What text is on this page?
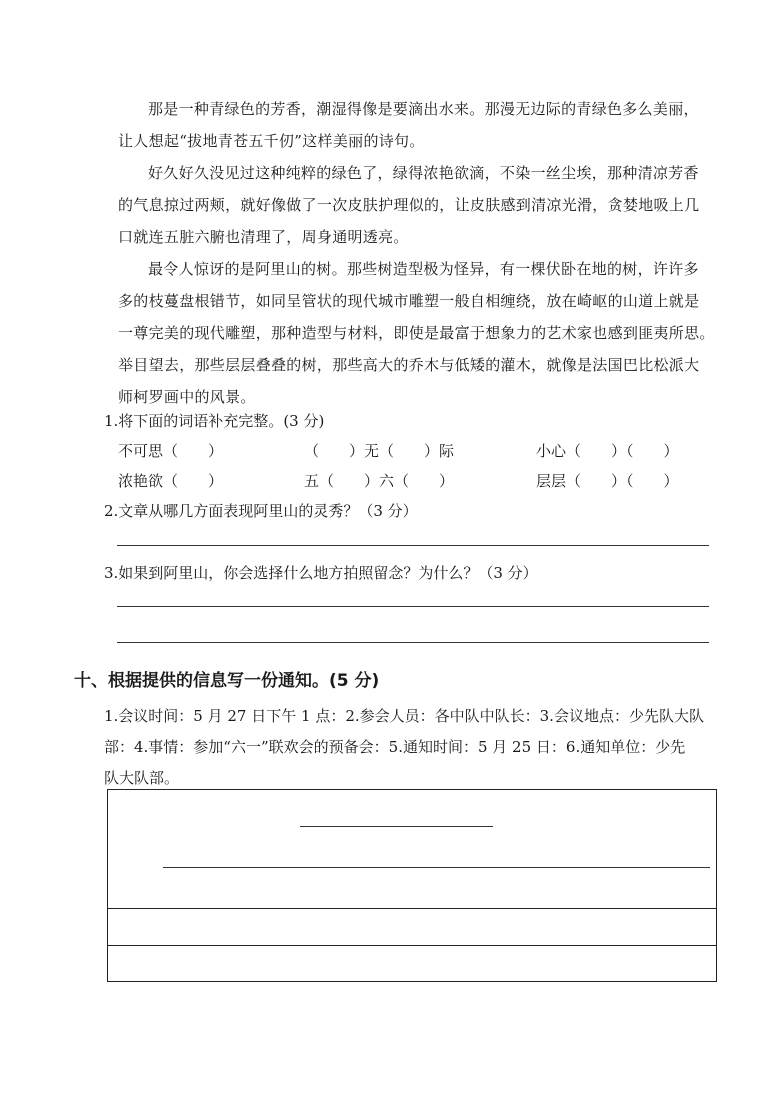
那是一种青绿色的芳香，潮湿得像是要滴出水来。那漫无边际的青绿色多么美丽，
让人想起“拔地青苍五千仞”这样美丽的诗句。
好久好久没见过这种纯粹的绿色了，绿得浓艳欲滴，不染一丝尘埃，那种清凉芳香
的气息掠过两颊，就好像做了一次皮肤护理似的，让皮肤感到清凉光滑，贪婪地吸上几
口就连五脏六腑也清理了，周身通明透亮。
最令人惊讶的是阿里山的树。那些树造型极为怪异，有一棵伏卧在地的树，许许多
多的枝蔓盘根错节，如同呈管状的现代城市雕塑一般自相缠绕，放在崎岖的山道上就是
一尊完美的现代雕塑，那种造型与材料，即使是最富于想象力的艺术家也感到匪夷所思。
举目望去，那些层层叠叠的树，那些高大的乔木与低矮的灌木，就像是法国巴比松派大
师柯罗画中的风景。
1.将下面的词语补充完整。(3 分)
不可思（　　）	（　　）无（　　）际	小心（　　）（　　）
浓艳欲（　　）	五（　　）六（　　）	层层（　　）（　　）
2.文章从哪几方面表现阿里山的灵秀？（3 分）
3.如果到阿里山，你会选择什么地方拍照留念？为什么？（3 分）
十、根据提供的信息写一份通知。(5 分)
1.会议时间：5 月 27 日下午 1 点：2.参会人员：各中队中队长：3.会议地点：少先队大队
部：4.事情：参加“六一”联欢会的预备会：5.通知时间：5 月 25 日：6.通知单位：少先
队大队部。
